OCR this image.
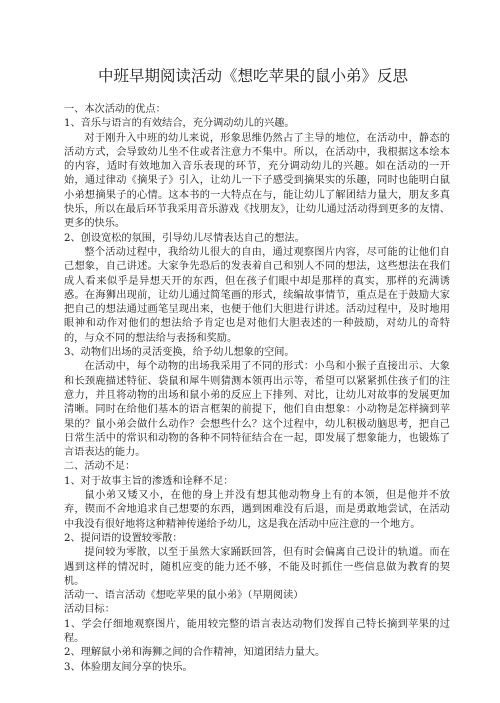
中班早期阅读活动《想吃苹果的鼠小弟》反思

一、本次活动的优点：

1、音乐与语言的有效结合，充分调动幼儿的兴趣。

对于刚升入中班的幼儿来说，形象思维仍然占了主导的地位，在活动中，静态的活动方式，会导致幼儿坐不住或者注意力不集中。所以，在活动中，我根据这本绘本的内容，适时有效地加入音乐表现的环节，充分调动幼儿的兴趣。如在活动的一开始，通过律动《摘果子》引入，让幼儿一下子感受到摘果实的乐趣，同时也能明白鼠小弟想摘果子的心情。这本书的一大特点在与，能让幼儿了解团结力量大，朋友多真快乐，所以在最后环节我采用音乐游戏《找朋友》，让幼儿通过活动得到更多的友情、更多的快乐。

2、创设宽松的氛围，引导幼儿尽情表达自己的想法。

整个活动过程中，我给幼儿很大的自由，通过观察图片内容，尽可能的让他们自己想象，自己讲述。大家争先恐后的发表着自己和别人不同的想法，这些想法在我们成人看来似乎是异想天开的东西，但在孩子们眼中却是那样的真实，那样的充满诱惑。在海狮出现前，让幼儿通过简笔画的形式，续编故事情节，重点是在于鼓励大家把自己的想法通过画笔呈现出来，也便于他们大胆进行讲述。活动过程中，及时地用眼神和动作对他们的想法给予肯定也是对他们大胆表述的一种鼓励，对幼儿的奇特的，与众不同的想法给与表扬和奖励。

3、动物们出场的灵活变换，给予幼儿想象的空间。

在活动中，每个动物的出场我采用了不同的形式：小鸟和小猴子直接出示、大象和长颈鹿描述特征、袋鼠和犀牛则猜测本领再出示等，希望可以紧紧抓住孩子们的注意力，并且将动物的出场和鼠小弟的反应上下排列、对比，让幼儿对故事的发展更加清晰。同时在给他们基本的语言框架的前提下，他们自由想象：小动物是怎样摘到苹果的？鼠小弟会做什么动作？会想些什么？这个过程中，幼儿积极动脑思考，把自己日常生活中的常识和动物的各种不同特征结合在一起，即发展了想象能力，也锻炼了言语表达的能力。

二、活动不足：

1、对于故事主旨的渗透和诠释不足：

鼠小弟又矮又小，在他的身上并没有想其他动物身上有的本领，但是他并不放弃，锲而不舍地追求自己想要的东西，遇到困难没有后退，而是勇敢地尝试，在活动中我没有很好地将这种精神传递给予幼儿，这是我在活动中应注意的一个地方。

2、提问语的设置较零散：

提问较为零散，以至于虽然大家踊跃回答，但有时会偏离自己设计的轨道。而在遇到这样的情况时，随机应变的能力还不够，不能及时抓住一些信息做为教育的契机。

活动一、语言活动《想吃苹果的鼠小弟》（早期阅读）

活动目标：

1、学会仔细地观察图片，能用较完整的语言表达动物们发挥自己特长摘到苹果的过程。

2、理解鼠小弟和海狮之间的合作精神，知道团结力量大。

3、体验朋友间分享的快乐。
